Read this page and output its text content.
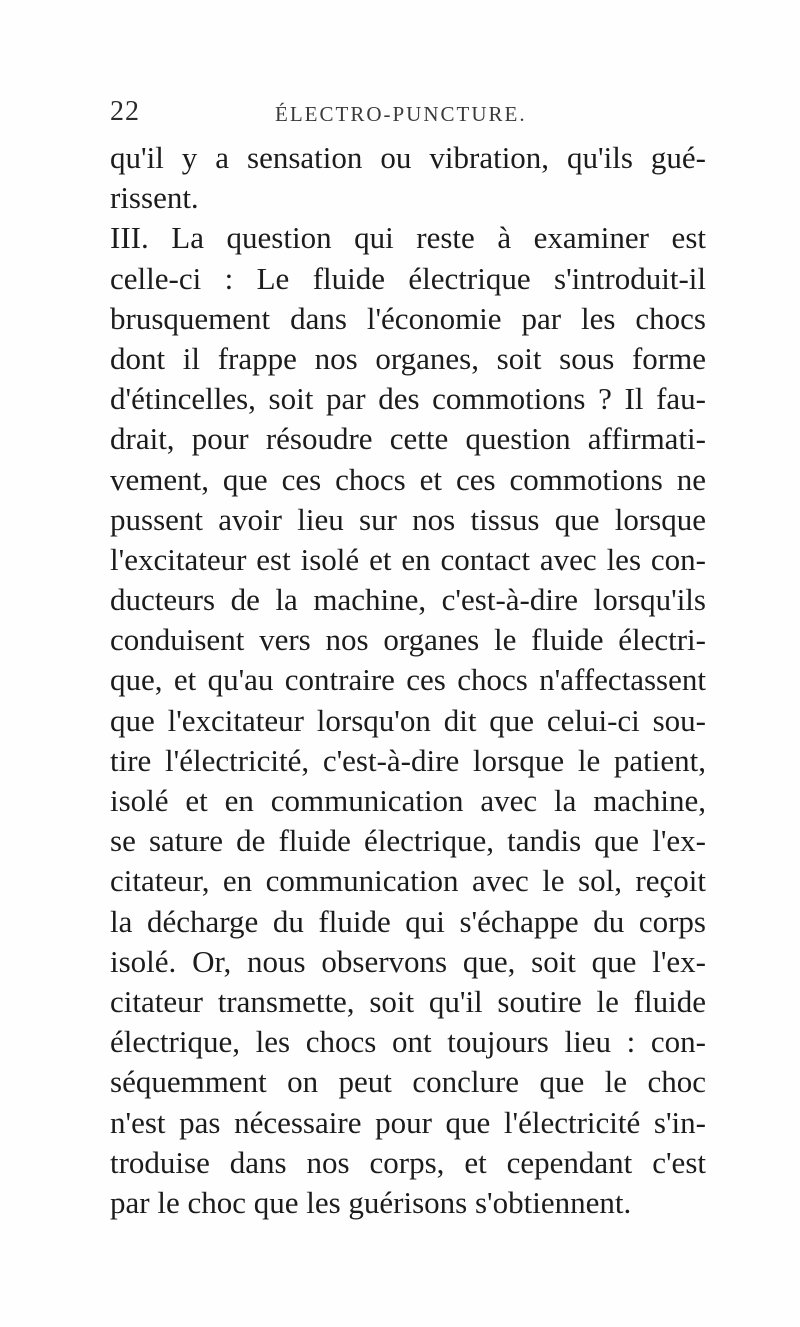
22	ÉLECTRO-PUNCTURE.
qu'il y a sensation ou vibration, qu'ils gué-
rissent.
III. La question qui reste à examiner est
celle-ci : Le fluide électrique s'introduit-il
brusquement dans l'économie par les chocs
dont il frappe nos organes, soit sous forme
d'étincelles, soit par des commotions ? Il fau-
drait, pour résoudre cette question affirmati-
vement, que ces chocs et ces commotions ne
pussent avoir lieu sur nos tissus que lorsque
l'excitateur est isolé et en contact avec les con-
ducteurs de la machine, c'est-à-dire lorsqu'ils
conduisent vers nos organes le fluide électri-
que, et qu'au contraire ces chocs n'affectassent
que l'excitateur lorsqu'on dit que celui-ci sou-
tire l'électricité, c'est-à-dire lorsque le patient,
isolé et en communication avec la machine,
se sature de fluide électrique, tandis que l'ex-
citateur, en communication avec le sol, reçoit
la décharge du fluide qui s'échappe du corps
isolé. Or, nous observons que, soit que l'ex-
citateur transmette, soit qu'il soutire le fluide
électrique, les chocs ont toujours lieu : con-
séquemment on peut conclure que le choc
n'est pas nécessaire pour que l'électricité s'in-
troduise dans nos corps, et cependant c'est
par le choc que les guérisons s'obtiennent.
